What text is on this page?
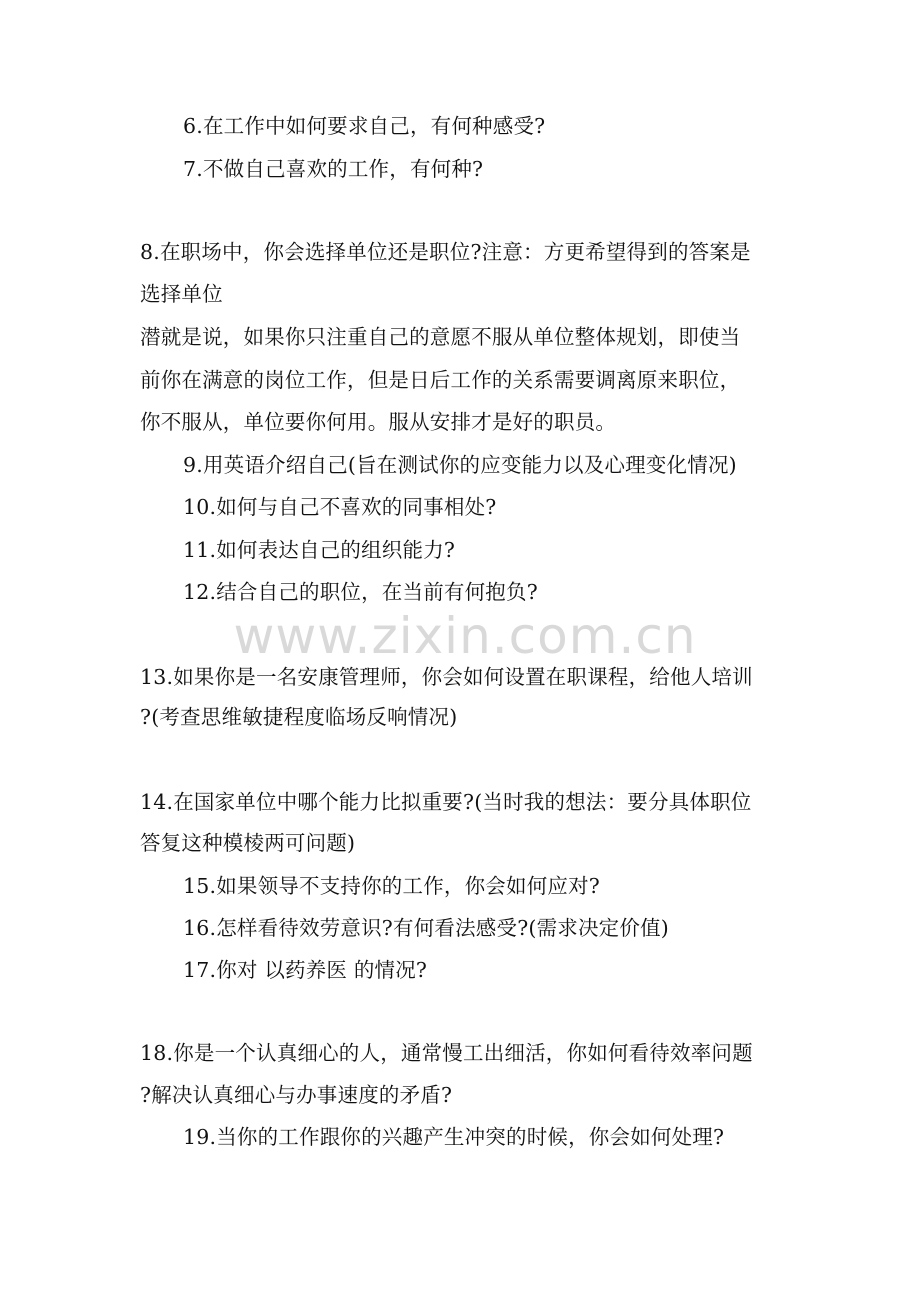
6.在工作中如何要求自己，有何种感受?
7.不做自己喜欢的工作，有何种?
8.在职场中，你会选择单位还是职位?注意：方更希望得到的答案是
选择单位
潜就是说，如果你只注重自己的意愿不服从单位整体规划，即使当
前你在满意的岗位工作，但是日后工作的关系需要调离原来职位，
你不服从，单位要你何用。服从安排才是好的职员。
9.用英语介绍自己(旨在测试你的应变能力以及心理变化情况)
10.如何与自己不喜欢的同事相处?
11.如何表达自己的组织能力?
12.结合自己的职位，在当前有何抱负?
13.如果你是一名安康管理师，你会如何设置在职课程，给他人培训
?(考查思维敏捷程度临场反响情况)
14.在国家单位中哪个能力比拟重要?(当时我的想法：要分具体职位
答复这种模棱两可问题)
15.如果领导不支持你的工作，你会如何应对?
16.怎样看待效劳意识?有何看法感受?(需求决定价值)
17.你对 以药养医 的情况?
18.你是一个认真细心的人，通常慢工出细活，你如何看待效率问题
?解决认真细心与办事速度的矛盾?
19.当你的工作跟你的兴趣产生冲突的时候，你会如何处理?
www.zixin.com.cn
